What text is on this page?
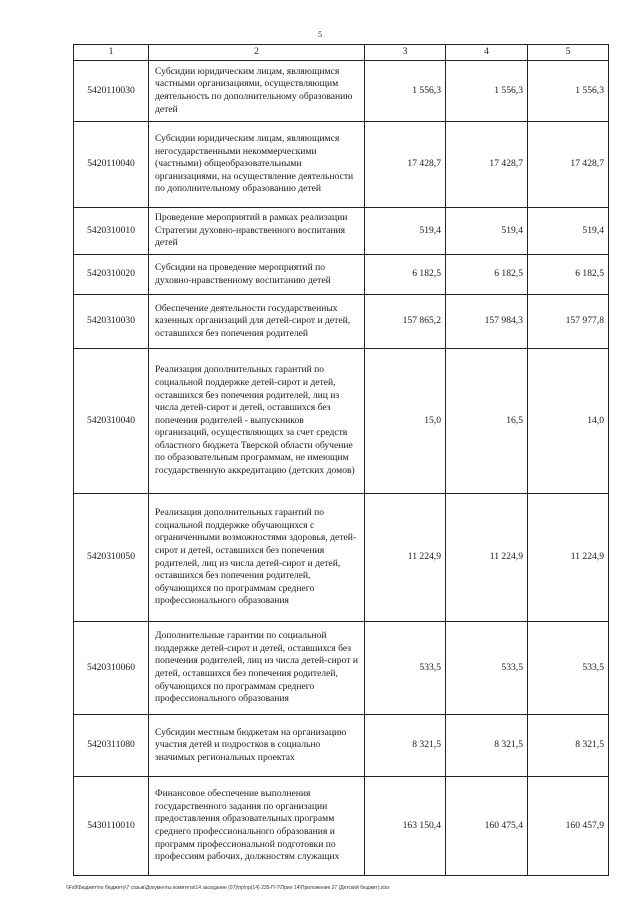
5
1	2	3	4	5
5420110030	Субсидии юридическим лицам, являющимся частными организациями, осуществляющим деятельность по дополнительному образованию детей	1 556,3	1 556,3	1 556,3
5420110040	Субсидии юридическим лицам, являющимся негосударственными некоммерческими (частными) общеобразовательными организациями, на осуществление деятельности по дополнительному образованию детей	17 428,7	17 428,7	17 428,7
5420310010	Проведение мероприятий в рамках реализации Стратегии духовно-нравственного воспитания детей	519,4	519,4	519,4
5420310020	Субсидии на проведение мероприятий по духовно-нравственному воспитанию детей	6 182,5	6 182,5	6 182,5
5420310030	Обеспечение деятельности государственных казенных организаций для детей-сирот и детей, оставшихся без попечения родителей	157 865,2	157 984,3	157 977,8
5420310040	Реализация дополнительных гарантий по социальной поддержке детей-сирот и детей, оставшихся без попечения родителей, лиц из числа детей-сирот и детей, оставшихся без попечения родителей - выпускников организаций, осуществляющих за счет средств областного бюджета Тверской области обучение по образовательным программам, не имеющим государственную аккредитацию (детских домов)	15,0	16,5	14,0
5420310050	Реализация дополнительных гарантий по социальной поддержке обучающихся с ограниченными возможностями здоровья, детей-сирот и детей, оставшихся без попечения родителей, лиц из числа детей-сирот и детей, оставшихся без попечения родителей, обучающихся по программам среднего профессионального образования	11 224,9	11 224,9	11 224,9
5420310060	Дополнительные гарантии по социальной поддержке детей-сирот и детей, оставшихся без попечения родителей, лиц из числа детей-сирот и детей, оставшихся без попечения родителей, обучающихся по программам среднего профессионального образования	533,5	533,5	533,5
5420311080	Субсидии местным бюджетам на организацию участия детей и подростков в социально значимых региональных проектах	8 321,5	8 321,5	8 321,5
5430110010	Финансовое обеспечение выполнения государственного задания по организации предоставления образовательных программ среднего профессионального образования и программ профессиональной подготовки по профессиям рабочих, должностям служащих	163 150,4	160 475,4	160 457,9
\\Fs9\Бюджет\по бюджету\7 созыв\Документы комитета\14 заседание (07)\пр\пр(14) 235-П-7\Прил 14\Приложение 27 (Детский бюджет).xlsx
